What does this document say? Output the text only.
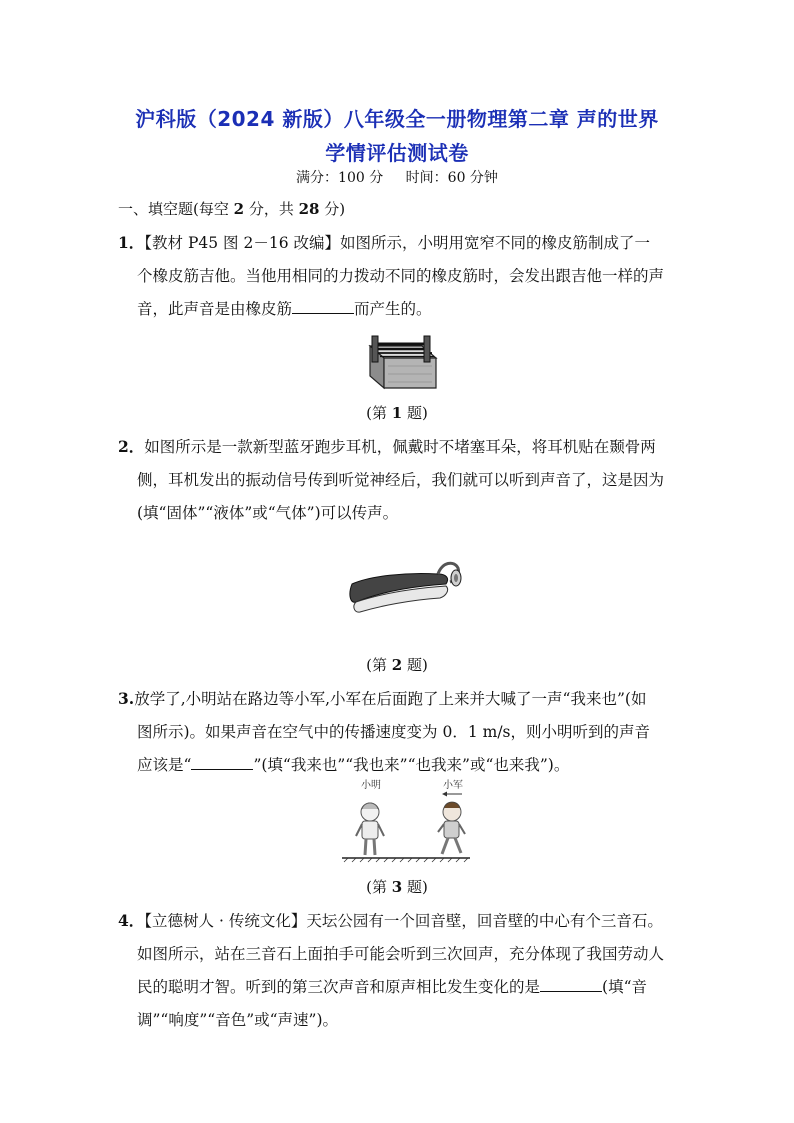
沪科版（2024 新版）八年级全一册物理第二章 声的世界
学情评估测试卷
满分：100 分 时间：60 分钟
一、填空题(每空 2 分，共 28 分)
1．【教材 P45 图 2－16 改编】如图所示，小明用宽窄不同的橡皮筋制成了一
个橡皮筋吉他。当他用相同的力拨动不同的橡皮筋时，会发出跟吉他一样的声
音，此声音是由橡皮筋	而产生的。
(第 1 题)
2．如图所示是一款新型蓝牙跑步耳机，佩戴时不堵塞耳朵，将耳机贴在颞骨两
侧，耳机发出的振动信号传到听觉神经后，我们就可以听到声音了，这是因为
(填“固体”“液体”或“气体”)可以传声。
(第 2 题)
3.放学了,小明站在路边等小军,小军在后面跑了上来并大喊了一声“我来也”(如
图所示)。如果声音在空气中的传播速度变为 0．1 m/s，则小明听到的声音
应该是“	”(填“我来也”“我也来”“也我来”或“也来我”)。
小明	小军
(第 3 题)
4．【立德树人 · 传统文化】天坛公园有一个回音壁，回音壁的中心有个三音石。
如图所示，站在三音石上面拍手可能会听到三次回声，充分体现了我国劳动人
民的聪明才智。听到的第三次声音和原声相比发生变化的是	(填“音
调”“响度”“音色”或“声速”)。
